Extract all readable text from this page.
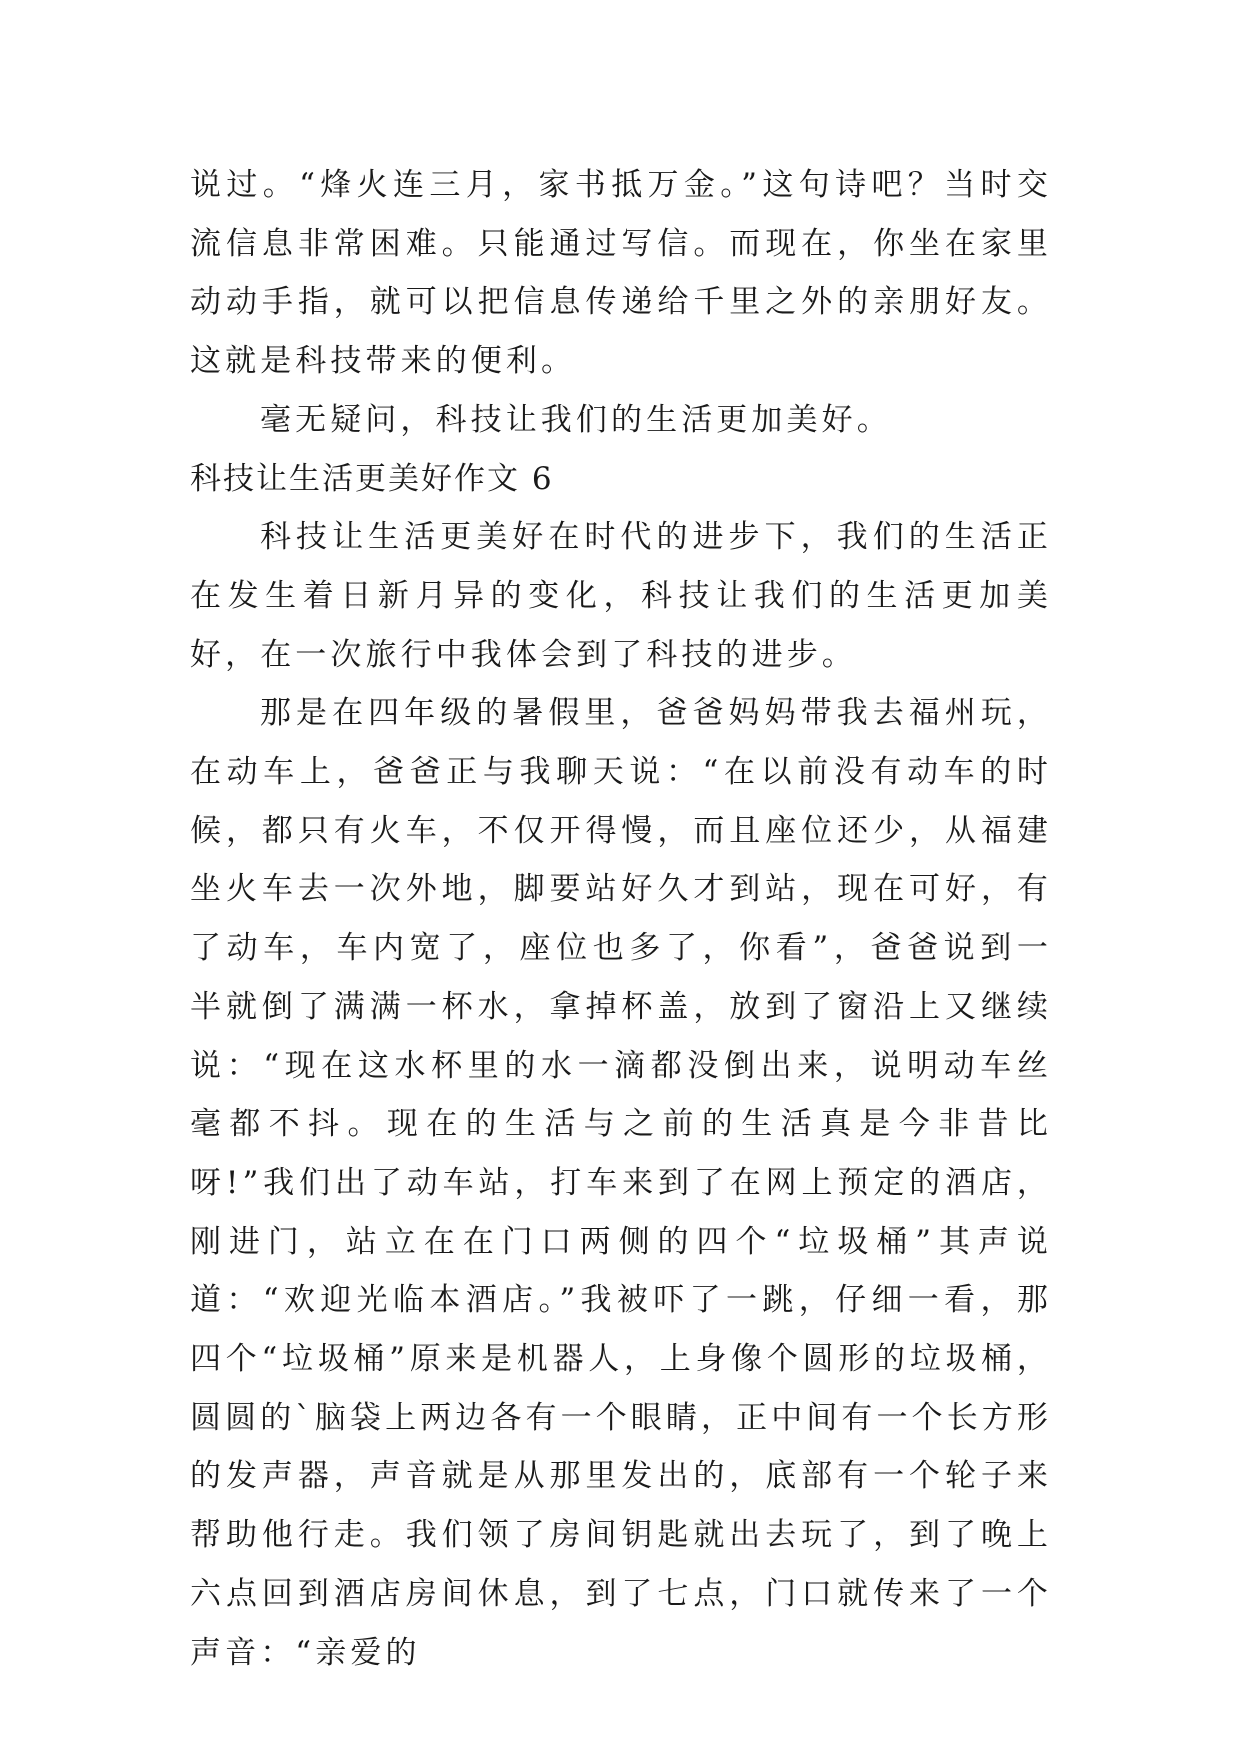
说过。“烽火连三月，家书抵万金。”这句诗吧？当时交流信息非常困难。只能通过写信。而现在，你坐在家里动动手指，就可以把信息传递给千里之外的亲朋好友。这就是科技带来的便利。

毫无疑问，科技让我们的生活更加美好。

科技让生活更美好作文 6

科技让生活更美好在时代的进步下，我们的生活正在发生着日新月异的变化，科技让我们的生活更加美好，在一次旅行中我体会到了科技的进步。

那是在四年级的暑假里，爸爸妈妈带我去福州玩，在动车上，爸爸正与我聊天说：“在以前没有动车的时候，都只有火车，不仅开得慢，而且座位还少，从福建坐火车去一次外地，脚要站好久才到站，现在可好，有了动车，车内宽了，座位也多了，你看”，爸爸说到一半就倒了满满一杯水，拿掉杯盖，放到了窗沿上又继续说：“现在这水杯里的水一滴都没倒出来，说明动车丝毫都不抖。现在的生活与之前的生活真是今非昔比呀!”我们出了动车站，打车来到了在网上预定的酒店，刚进门，站立在在门口两侧的四个“垃圾桶”其声说道：“欢迎光临本酒店。”我被吓了一跳，仔细一看，那四个“垃圾桶”原来是机器人，上身像个圆形的垃圾桶，圆圆的`脑袋上两边各有一个眼睛，正中间有一个长方形的发声器，声音就是从那里发出的，底部有一个轮子来帮助他行走。我们领了房间钥匙就出去玩了，到了晚上六点回到酒店房间休息，到了七点，门口就传来了一个声音：“亲爱的
